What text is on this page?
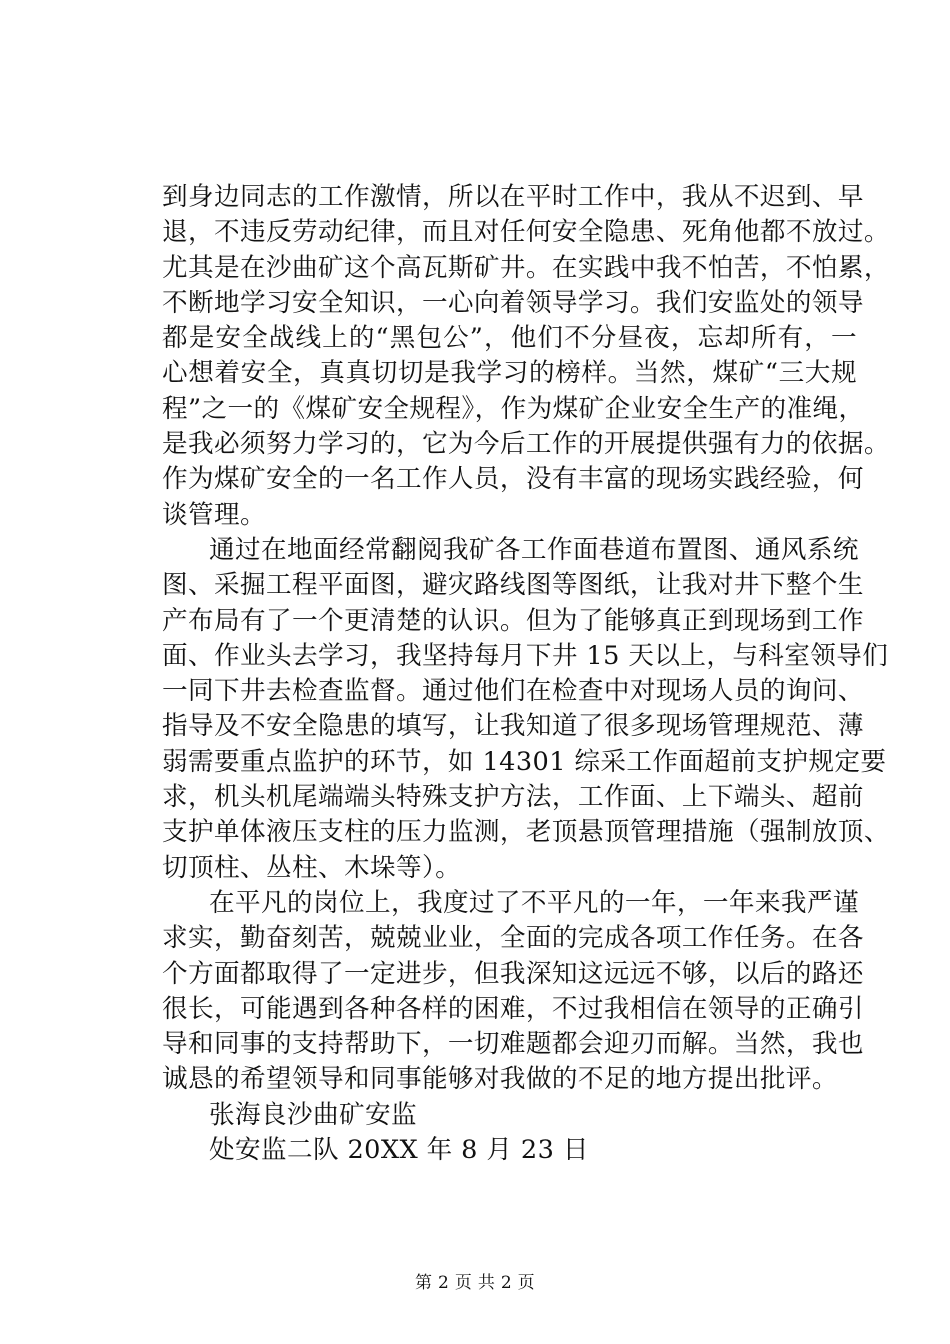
到身边同志的工作激情，所以在平时工作中，我从不迟到、早
退，不违反劳动纪律，而且对任何安全隐患、死角他都不放过。
尤其是在沙曲矿这个高瓦斯矿井。在实践中我不怕苦，不怕累，
不断地学习安全知识，一心向着领导学习。我们安监处的领导
都是安全战线上的“黑包公”，他们不分昼夜，忘却所有，一
心想着安全，真真切切是我学习的榜样。当然，煤矿“三大规
程”之一的《煤矿安全规程》，作为煤矿企业安全生产的准绳，
是我必须努力学习的，它为今后工作的开展提供强有力的依据。
作为煤矿安全的一名工作人员，没有丰富的现场实践经验，何
谈管理。
　通过在地面经常翻阅我矿各工作面巷道布置图、通风系统
图、采掘工程平面图，避灾路线图等图纸，让我对井下整个生
产布局有了一个更清楚的认识。但为了能够真正到现场到工作
面、作业头去学习，我坚持每月下井 15 天以上，与科室领导们
一同下井去检查监督。通过他们在检查中对现场人员的询问、
指导及不安全隐患的填写，让我知道了很多现场管理规范、薄
弱需要重点监护的环节，如 14301 综采工作面超前支护规定要
求，机头机尾端端头特殊支护方法，工作面、上下端头、超前
支护单体液压支柱的压力监测，老顶悬顶管理措施（强制放顶、
切顶柱、丛柱、木垛等）。
　在平凡的岗位上，我度过了不平凡的一年，一年来我严谨
求实，勤奋刻苦，兢兢业业，全面的完成各项工作任务。在各
个方面都取得了一定进步，但我深知这远远不够，以后的路还
很长，可能遇到各种各样的困难，不过我相信在领导的正确引
导和同事的支持帮助下，一切难题都会迎刃而解。当然，我也
诚恳的希望领导和同事能够对我做的不足的地方提出批评。
　张海良沙曲矿安监
　处安监二队 20XX 年 8 月 23 日
第 2 页 共 2 页
